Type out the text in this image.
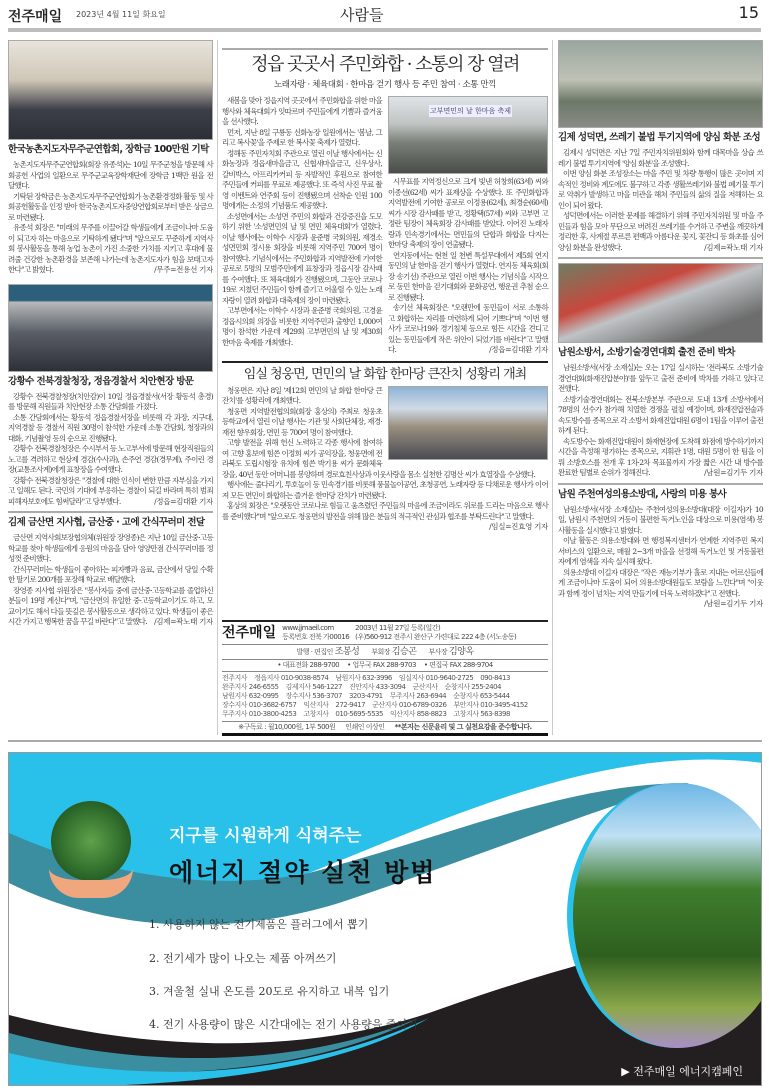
전주매일 2023년 4월 11일 화요일	사람들	15
한국농촌지도자무주군연합회, 장학금 100만원 기탁

농촌지도자무주군연합회(회장 유종석)는 10일 무주군청을 방문해 사회공헌 사업의 일환으로 무주군교육장학재단에 장학금 1백만 원을 전달했다.

기탁된 장학금은 농촌지도자무주군연합회가 농촌환경정화 활동 및 사회공헌활동을 인정 받아 한국농촌지도자중앙연합회로부터 받은 상금으로 마련됐다.

유종석 회장은 "미래의 무주를 이끌어갈 학생들에게 조금이나마 도움이 되고자 하는 마음으로 기탁하게 됐다"며 "앞으로도 꾸준하게 지역사회 봉사활동을 통해 농업 농촌이 가진 소중한 가치를 지키고 후대에 물려줄 건강한 농촌환경을 보존해 나가는데 농촌지도자가 힘을 보태고자 한다"고 밝혔다.	/무주=전용선 기자

강황수 전북경찰청장, 정읍경찰서 치안현장 방문

강황수 전북경찰청장(치안감)이 10일 정읍경찰서(서장 황동석 총경)를 방문해 직원들과 치안현장 소통 간담회를 가졌다.

소통 간담회에서는 황동석 정읍경찰서장을 비롯해 각 과장, 지구대, 지역경찰 등 경찰서 직원 30명이 참석한 가운데 소통 간담회, 청장과의 대화, 기념촬영 등의 순으로 진행됐다.

강황수 전북경찰청장은 수시부서 등 노고부서에 방문해 현장직원들의 노고를 격려하고 현상제 경감(수사과), 손주연 경감(경무계), 주이린 경장(교통조사계)에게 표창장을 수여했다.

강황수 전북경찰청장은 "경찰에 대한 인식이 변한 만큼 자부심을 가지고 일해도 된다. 국민의 기대에 부응하는 경찰이 되길 바라며 특히 범죄 피해자보호에도 힘써달라"고 당부했다.	/정읍=김대환 기자

김제 금산면 지사협, 금산중 · 고에 간식꾸러미 전달

금산면 지역사회보장협의체(위원장 장영종)은 지난 10일 금산중·고등학교를 찾아 학생들에게 응원의 마음을 담아 영양만점 간식꾸러미를 정성껏 준비했다.

간식꾸러미는 학생들이 좋아하는 피자빵과 음료, 금산에서 당일 수확한 딸기로 200개를 포장해 학교로 배달했다.

장영종 지사협 위원장은 "봉사자들 중에 금산중·고등학교를 졸업하신 분들이 19명 계신다"며, "금산면의 유일한 중·고등학교이기도 하고, 모교이기도 해서 다들 뜻깊은 봉사활동으로 생각하고 있다. 학생들이 좋은 시간 가지고 행복한 꿈을 꾸길 바란다"고 말했다. /김제=곽노태 기자

정읍 곳곳서 주민화합 · 소통의 장 열려
노래자랑 · 체육대회 · 한마음 걷기 행사 등 주민 참여 · 소통 만끽

새봄을 맞아 정읍지역 곳곳에서 주민화합을 위한 마을 행사와 체육대회가 잇따르며 주민들에게 기쁨과 즐거움을 선사했다.

먼저, 지난 8일 구룡동 신화농장 일원에서는 '봄날, 그리고 복사꽃'을 주제로 한 복사꽃 축제가 열렸다.

정해동 주민자치회 주관으로 열린 이날 행사에서는 신화농장과 정읍새마을금고, 신협새마을금고, 신우상사, 갈비박스, 아프리카커피 등 자발적인 후원으로 참여한 주민들에 커피를 무료로 제공했다. 또 즉석 사진 무료 촬영 이벤트와 연주회 등이 진행됐으며 선착순 인원 100명에게는 소정의 기념품도 제공했다.

소성면에서는 소성면 주민의 화합과 건강증진을 도모하기 위한 '소성면민의 날 및 면민 체육대회'가 열렸다. 이날 행사에는 이학수 시장과 윤준병 국회의원, 재경소성면민회 정시용 회장을 비롯해 지역주민 700여 명이 참여했다. 기념식에서는 주민화합과 지역발전에 기여한 공로로 5명의 모범주민에게 표창장과 정읍시장 감사패를 수여했다. 또 체육대회가 진행됐으며, 그동안 코로나19로 지쳤던 주민들이 함께 즐기고 어울릴 수 있는 노래자랑이 열려 화합과 대축제의 장이 마련됐다.

고부면에서는 이학수 시장과 윤준병 국회의원, 고경윤 정읍시의회 의장을 비롯한 지역주민과 출향인 1,000여 명이 참석한 가운데 제29회 고부면민의 날 및 제30회 한마음 축제를 개최했다.

고부면민의 날 한마음 축제

시무표를 지역정신으로 크게 빛낸 허창희(63세) 씨와 이종선(62세) 씨가 표제상을 수상했다. 또 주민화합과 지역발전에 기여한 공로로 이정용(62세), 최경순(60세) 씨가 시장 감사패를 받고, 정황택(57세) 씨와 고부면 고정란 팀장이 체육회장 감사패를 받았다. 이어진 노래자랑과 민속경기에서는 면민들의 단합과 화합을 다지는 한마당 축제의 장이 연출됐다.

연지동에서는 현천 일 천변 특설무대에서 제5회 연지동민의 날 한마음 걷기 행사가 열렸다. 연지동 체육회(회장 송기선) 주관으로 열린 이번 행사는 기념식을 시작으로 동민 한마음 걷기대회와 문화공연, 행운권 추첨 순으로 진행됐다.

송기선 체육회장은 "오랜만에 동민들이 서로 소통하고 화합하는 자리를 마련하게 되어 기쁘다"며 "이번 행사가 코로나19와 경기침체 등으로 힘든 시간을 견디고 있는 동민들에게 작은 위안이 되었기를 바란다"고 말했다.	/정읍=김대환 기자

임실 청웅면, 면민의 날 화합 한마당 큰잔치 성황리 개최

청웅면은 지난 8일 '제12회 면민의 날 화합 한마당 큰잔치'를 성황리에 개최했다.

청웅면 지역발전협의회(회장 홍상의) 주최로 청웅초등학교에서 열린 이날 행사는 기관 및 사회단체장, 재경·재전 향우회장, 면민 등 700여 명이 참여했다.

고향 발전을 위해 헌신 노력하고 각종 행사에 참여하여 고향 홍보에 힘쓴 이정희 씨가 공익장을, 청웅면에 전라북도 도립시험장 유치에 힘쓴 박기용 씨가 문화체육장을, 40년 동안 어머니를 봉양하며 경로효친사상과 이웃사랑을 몸소 실천한 김명산 씨가 효열장을 수상했다.

행사에는 줄다리기, 투호놀이 등 민속경기를 비롯해 풍물놀이공연, 초청공연, 노래자랑 등 다채로운 행사가 이어져 모든 면민이 화합하는 즐거운 한마당 잔치가 마련됐다.

홍상의 회장은 "오랫동안 코로나로 힘들고 움츠렸던 주민들의 마음에 조금이라도 위로를 드리는 마음으로 행사를 준비했다"며 "앞으로도 청웅면의 발전을 위해 많은 분들의 적극적인 관심과 협조를 부탁드린다"고 말했다.
/임실=진효영 기자

전주매일 www.jjmaeil.com
등록번호 전북 가00016
2003년 11월 27일 등록(일간)
(우)560-912 전주시 완산구 가련대로 222 4층 (서노송동)
발행 · 편집인 조봉성 부회장 김승곤 부사장 김양옥
• 대표전화 288-9700 • 업무국 FAX 288-9703 • 편집국 FAX 288-9704
전주지사 정읍지사 010-9038-8574 남원지사 632-3996 임실지사 010-9640-2725 090-8413
완주지사 246-6555 김제지사 546-1227 진안지사 433-3094 군산지사 순창지사 255-2404
남원지사 632-0995 장수지사 536-3707 3203-4791 무주지사 263-6944 순창지사 653-5444
장수지사 010-3682-6757 익산지사 272-9417 군산지사 010-6789-0326 부안지사 010-3495-4152
무주지사 010-3800-4253 고창지사 010-5695-5535 익산지사 858-8823 고창지사 563-8398
※구독료 : 월10,000원, 1부 500원 인쇄인 이상인 **본지는 신문윤리 및 그 실천요강을 준수합니다.
김제 성덕면, 쓰레기 불법 투기지역에 양심 화분 조성

김제시 성덕면은 지난 7일 주민자치위원회와 함께 대목마을 상습 쓰레기 불법 투기지역에 '양심 화분'을 조성했다.

이번 양심 화분 조성장소는 마을 주민 및 차량 통행이 많은 곳이며 지속적인 정비와 계도에도 불구하고 각종 생활쓰레기와 불법 폐기물 투기로 악취가 발생하고 마을 미관을 해쳐 주민들의 삶의 질을 저해하는 요인이 되어 왔다.

성덕면에서는 이러한 문제를 해결하기 위해 주민자치위원 및 마을 주민들과 힘을 모아 무단으로 버려진 쓰레기를 수거하고 주변을 깨끗하게 정리한 후, 사계절 푸르른 편백과 아름다운 꽃지, 꽃잔디 등 화초를 심어 양심 화분을 완성했다.	/김제=곽노태 기자

남원소방서, 소방기술경연대회 출전 준비 박차

남원소방서(서장 소재실)는 오는 17일 실시하는 '전라북도 소방기술경연대회(화재진압분야)'를 앞두고 출전 준비에 박차를 가하고 있다고 전했다.

소방기술경연대회는 전북소방본부 주관으로 도내 13개 소방서에서 78명의 선수가 참가해 치열한 경쟁을 펼칠 예정이며, 화재진압전술과 속도방수를 종목으로 각 소방서 화재진압대원 6명이 1팀을 이루어 출전하게 된다.

속도방수는 화재진압대원이 화재현장에 도착해 화점에 방수하기까지 시간을 측정해 평가하는 종목으로, 지휘관 1명, 대원 5명이 한 팀을 이뤄 소방호스를 전개 후 1차·2차 목표물까지 가장 짧은 시간 내 방수를 완료한 팀별로 순위가 정해진다.	/남원=김기두 기자

남원 주천여성의용소방대, 사랑의 미용 봉사

남원소방서(서장 소재실)는 주천여성의용소방대(대장 이길자)가 10일, 남원시 주천면의 거동이 불편한 독거노인을 대상으로 미용(염색) 봉사활동을 실시했다고 밝혔다.

이날 활동은 의용소방대와 면 행정복지센터가 연계한 지역주민 복지서비스의 일환으로, 매월 2~3개 마을을 선정해 독거노인 및 거동불편자에게 염색을 지속 실시해 왔다.

의용소방대 이길자 대장은 "작은 재능기부가 홀로 지내는 어르신들에게 조금이나마 도움이 되어 의용소방대원들도 보람을 느낀다"며 "이웃과 함께 정이 넘치는 지역 만들기에 더욱 노력하겠다"고 전했다.
/남원=김기두 기자

지구를 시원하게 식혀주는
에너지 절약 실천 방법
1. 사용하지 않는 전기제품은 플러그에서 뽑기
2. 전기세가 많이 나오는 제품 아껴쓰기
3. 겨울철 실내 온도를 20도로 유지하고 내복 입기
4. 전기 사용량이 많은 시간대에는 전기 사용량을 줄이기
▶ 전주매일 에너지캠페인
